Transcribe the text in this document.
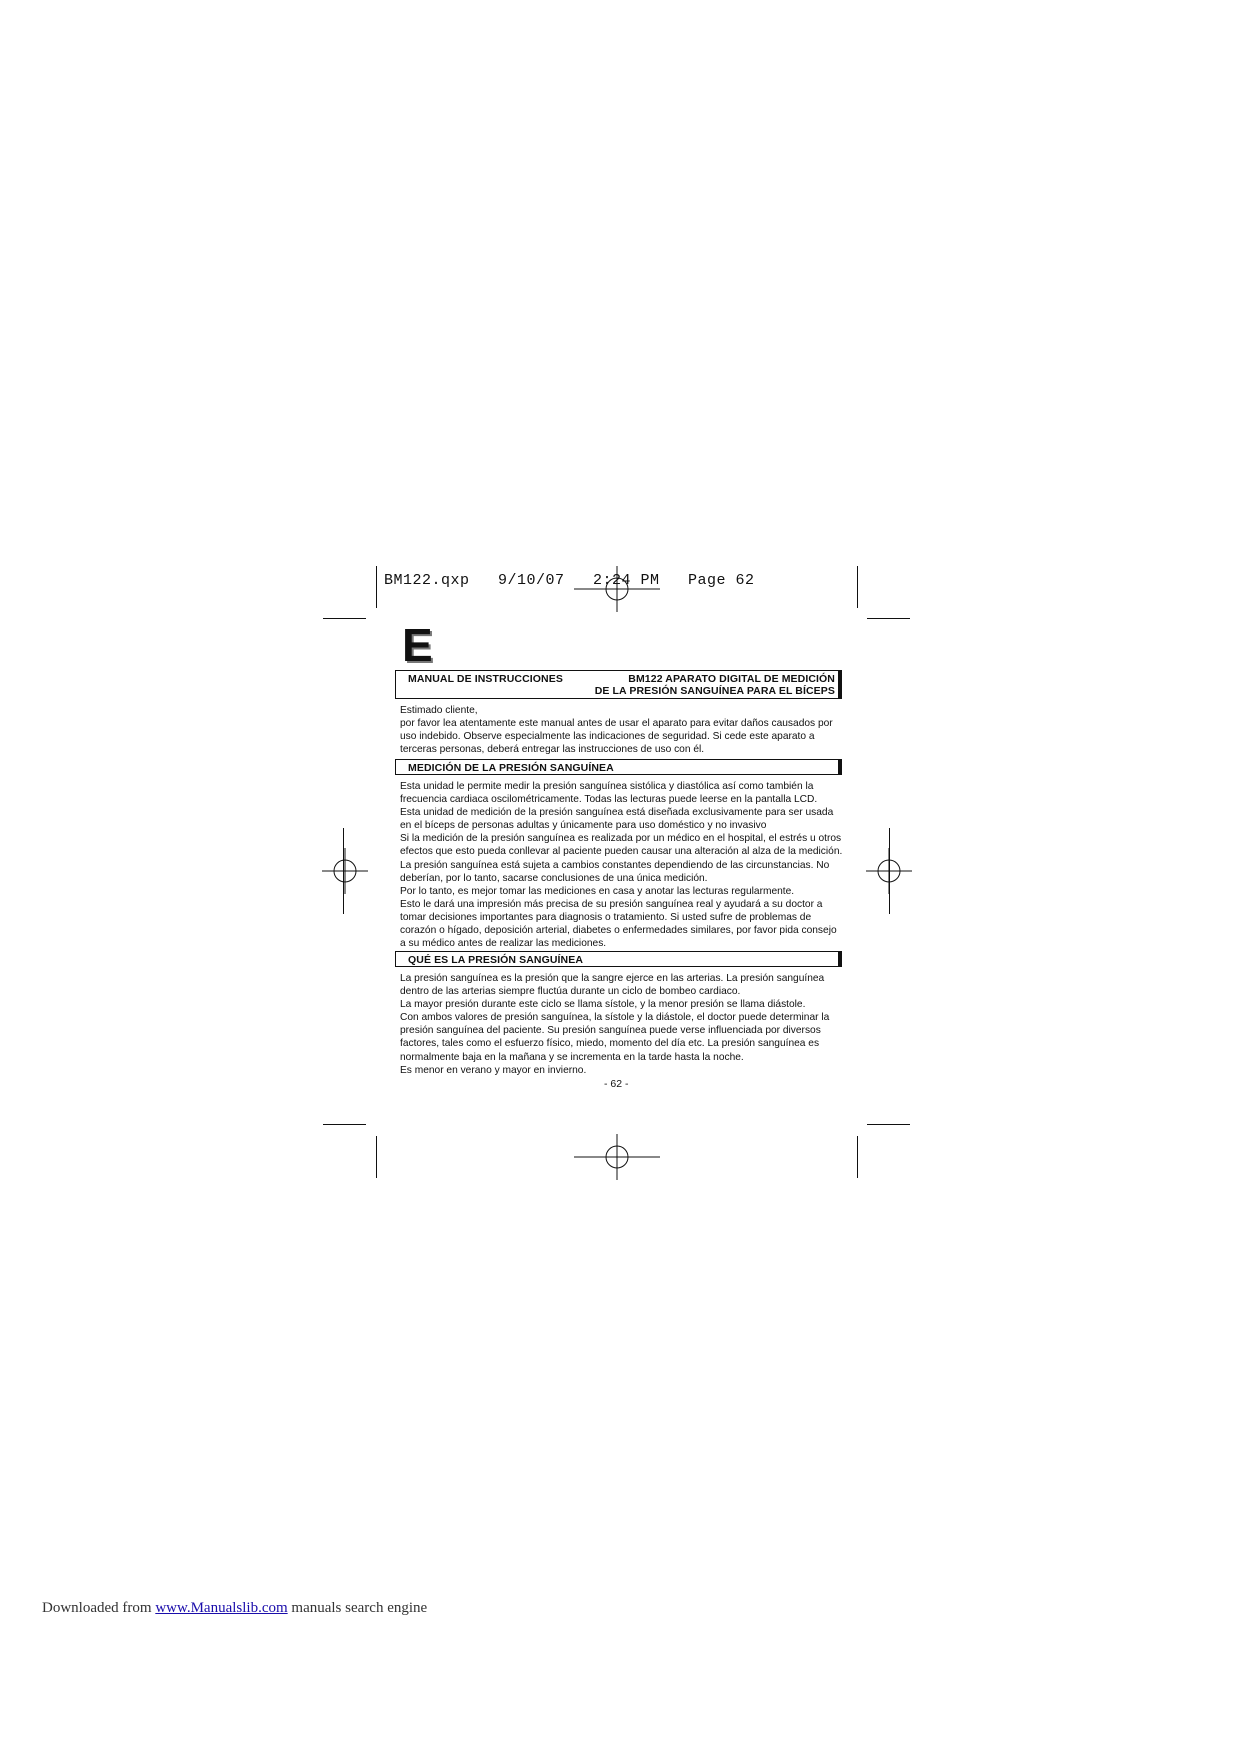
BM122.qxp   9/10/07   2:24 PM   Page 62
E
MANUAL DE INSTRUCCIONES	BM122 APARATO DIGITAL DE MEDICIÓN
DE LA PRESIÓN SANGUÍNEA PARA EL BÍCEPS
Estimado cliente,
por favor lea atentamente este manual antes de usar el aparato para evitar daños causados por
uso indebido. Observe especialmente las indicaciones de seguridad. Si cede este aparato a
terceras personas, deberá entregar las instrucciones de uso con él.
MEDICIÓN DE LA PRESIÓN SANGUÍNEA
Esta unidad le permite medir la presión sanguínea sistólica y diastólica así como también la
frecuencia cardiaca oscilométricamente. Todas las lecturas puede leerse en la pantalla LCD.
Esta unidad de medición de la presión sanguínea está diseñada exclusivamente para ser usada
en el bíceps de personas adultas y únicamente para uso doméstico y no invasivo
Si la medición de la presión sanguínea es realizada por un médico en el hospital, el estrés u otros
efectos que esto pueda conllevar al paciente pueden causar una alteración al alza de la medición.
La presión sanguínea está sujeta a cambios constantes dependiendo de las circunstancias. No
deberían, por lo tanto, sacarse conclusiones de una única medición.
Por lo tanto, es mejor tomar las mediciones en casa y anotar las lecturas regularmente.
Esto le dará una impresión más precisa de su presión sanguínea real y ayudará a su doctor a
tomar decisiones importantes para diagnosis o tratamiento. Si usted sufre de problemas de
corazón o hígado, deposición arterial, diabetes o enfermedades similares, por favor pida consejo
a su médico antes de realizar las mediciones.
QUÉ ES LA PRESIÓN SANGUÍNEA
La presión sanguínea es la presión que la sangre ejerce en las arterias. La presión sanguínea
dentro de las arterias siempre fluctúa durante un ciclo de bombeo cardiaco.
La mayor presión durante este ciclo se llama sístole, y la menor presión se llama diástole.
Con ambos valores de presión sanguínea, la sístole y la diástole, el doctor puede determinar la
presión sanguínea del paciente. Su presión sanguínea puede verse influenciada por diversos
factores, tales como el esfuerzo físico, miedo, momento del día etc. La presión sanguínea es
normalmente baja en la mañana y se incrementa en la tarde hasta la noche.
Es menor en verano y mayor en invierno.
- 62 -
Downloaded from www.Manualslib.com manuals search engine
